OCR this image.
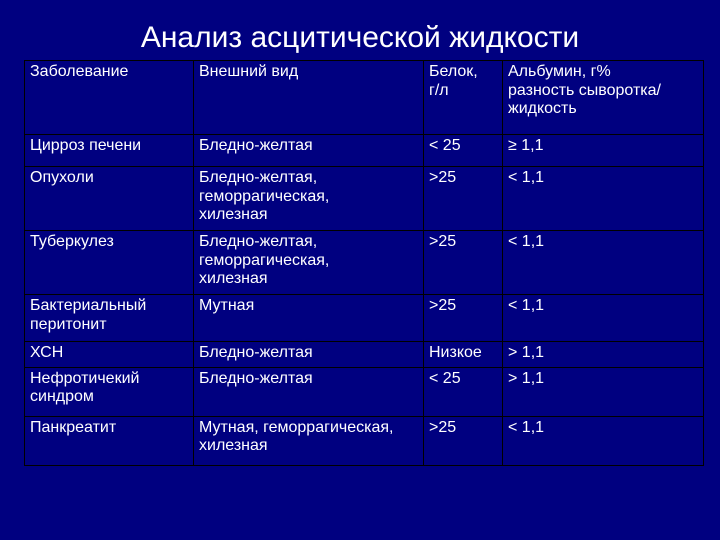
Анализ асцитической жидкости
Заболевание	Внешний вид	Белок,
г/л	Альбумин, г%
разность сыворотка/
жидкость
Цирроз печени	Бледно-желтая	< 25	≥ 1,1
Опухоли	Бледно-желтая,
геморрагическая,
хилезная	>25	< 1,1
Туберкулез	Бледно-желтая,
геморрагическая,
хилезная	>25	< 1,1
Бактериальный
перитонит	Мутная	>25	< 1,1
ХСН	Бледно-желтая	Низкое	> 1,1
Нефротичекий
синдром	Бледно-желтая	< 25	> 1,1
Панкреатит	Мутная, геморрагическая,
хилезная	>25	< 1,1
